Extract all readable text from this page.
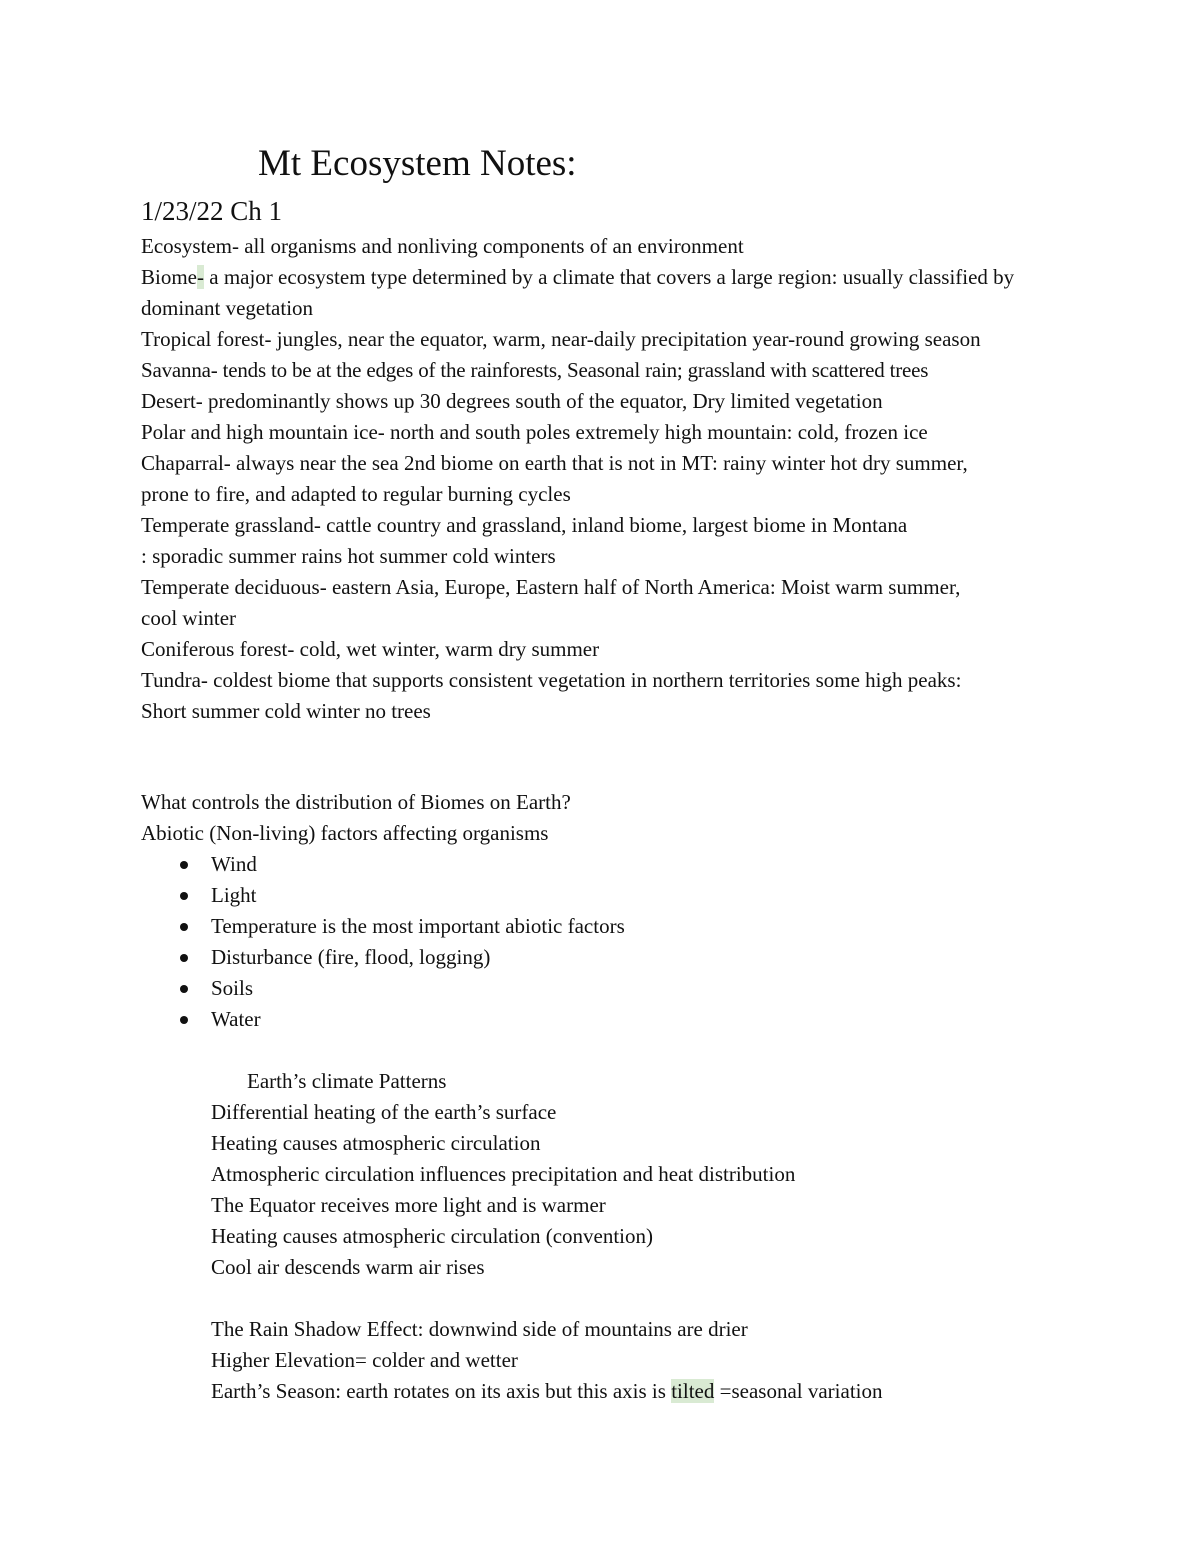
Mt Ecosystem Notes:
1/23/22 Ch 1

Ecosystem- all organisms and nonliving components of an environment

Biome- a major ecosystem type determined by a climate that covers a large region: usually classified by dominant vegetation

Tropical forest- jungles, near the equator, warm, near-daily precipitation year-round growing season

Savanna- tends to be at the edges of the rainforests, Seasonal rain; grassland with scattered trees

Desert- predominantly shows up 30 degrees south of the equator, Dry limited vegetation

Polar and high mountain ice- north and south poles extremely high mountain: cold, frozen ice

Chaparral- always near the sea 2nd biome on earth that is not in MT: rainy winter hot dry summer, prone to fire, and adapted to regular burning cycles

Temperate grassland- cattle country and grassland, inland biome, largest biome in Montana

: sporadic summer rains hot summer cold winters

Temperate deciduous- eastern Asia, Europe, Eastern half of North America: Moist warm summer, cool winter

Coniferous forest- cold, wet winter, warm dry summer

Tundra- coldest biome that supports consistent vegetation in northern territories some high peaks: Short summer cold winter no trees

What controls the distribution of Biomes on Earth?

Abiotic (Non-living) factors affecting organisms

Wind
Light
Temperature is the most important abiotic factors
Disturbance (fire, flood, logging)
Soils
Water

Earth’s climate Patterns

Differential heating of the earth’s surface

Heating causes atmospheric circulation

Atmospheric circulation influences precipitation and heat distribution

The Equator receives more light and is warmer

Heating causes atmospheric circulation (convention)

Cool air descends warm air rises

The Rain Shadow Effect: downwind side of mountains are drier

Higher Elevation= colder and wetter

Earth’s Season: earth rotates on its axis but this axis is tilted =seasonal variation
